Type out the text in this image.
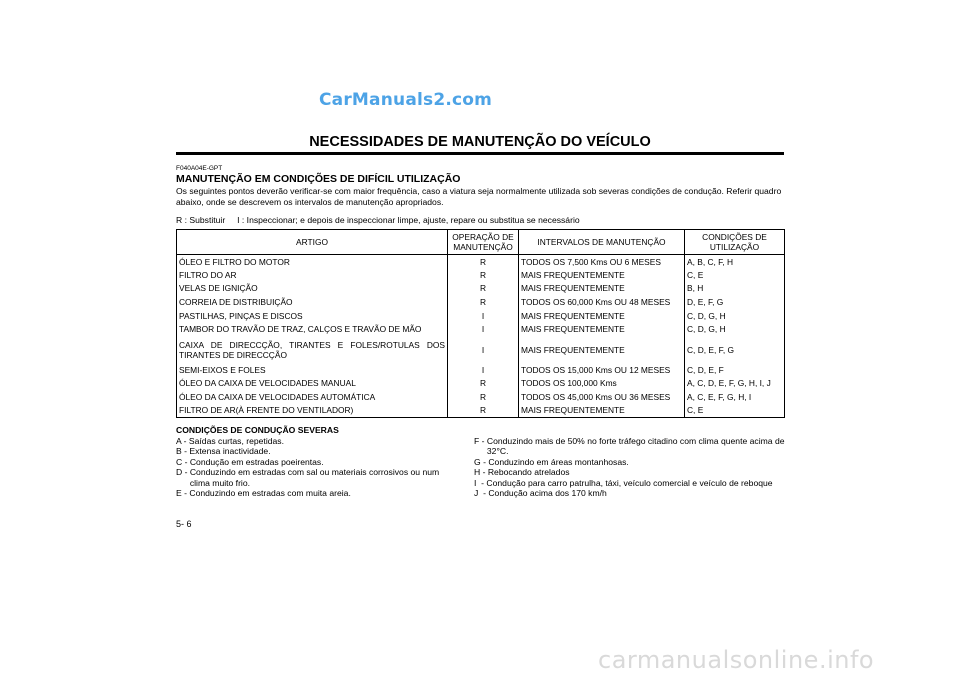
CarManuals2.com
NECESSIDADES DE MANUTENÇÃO DO VEÍCULO
F040A04E-GPT
MANUTENÇÃO EM CONDIÇÕES DE DIFÍCIL UTILIZAÇÃO
Os seguintes pontos deverão verificar-se com maior frequência, caso a viatura seja normalmente utilizada sob severas condições de condução. Referir quadro abaixo, onde se descrevem os intervalos de manutenção apropriados.
R : Substituir     I : Inspeccionar; e depois de inspeccionar limpe, ajuste, repare ou substitua se necessário
ARTIGO	OPERAÇÃO DE MANUTENÇÃO	INTERVALOS DE MANUTENÇÃO	CONDIÇÕES DE UTILIZAÇÃO
ÓLEO E FILTRO DO MOTOR	R	TODOS OS 7,500 Kms OU 6 MESES	A, B, C, F, H
FILTRO DO AR	R	MAIS FREQUENTEMENTE	C, E
VELAS DE IGNIÇÃO	R	MAIS FREQUENTEMENTE	B, H
CORREIA DE DISTRIBUIÇÃO	R	TODOS OS 60,000 Kms OU 48 MESES	D, E, F, G
PASTILHAS, PINÇAS E DISCOS	I	MAIS FREQUENTEMENTE	C, D, G, H
TAMBOR DO TRAVÃO DE TRAZ, CALÇOS E TRAVÃO DE MÃO	I	MAIS FREQUENTEMENTE	C, D, G, H
CAIXA DE DIRECCÇÃO, TIRANTES E FOLES/ROTULAS DOS TIRANTES DE DIRECCÇÃO	I	MAIS FREQUENTEMENTE	C, D, E, F, G
SEMI-EIXOS E FOLES	I	TODOS OS 15,000 Kms OU 12 MESES	C, D, E, F
ÓLEO DA CAIXA DE VELOCIDADES MANUAL	R	TODOS OS 100,000 Kms	A, C, D, E, F, G, H, I, J
ÓLEO DA CAIXA DE VELOCIDADES AUTOMÁTICA	R	TODOS OS 45,000 Kms OU 36 MESES	A, C, E, F, G, H, I
FILTRO DE AR(À FRENTE DO VENTILADOR)	R	MAIS FREQUENTEMENTE	C, E
CONDIÇÕES DE CONDUÇÃO SEVERAS
A - Saídas curtas, repetidas.
B - Extensa inactividade.
C - Condução em estradas poeirentas.
D - Conduzindo em estradas com sal ou materiais corrosivos ou num clima muito frio.
E - Conduzindo em estradas com muita areia.
F - Conduzindo mais de 50% no forte tráfego citadino com clima quente acima de 32°C.
G - Conduzindo em áreas montanhosas.
H - Rebocando atrelados
I  - Condução para carro patrulha, táxi, veículo comercial e veículo de reboque
J  - Condução acima dos 170 km/h
5- 6
carmanualsonline.info
